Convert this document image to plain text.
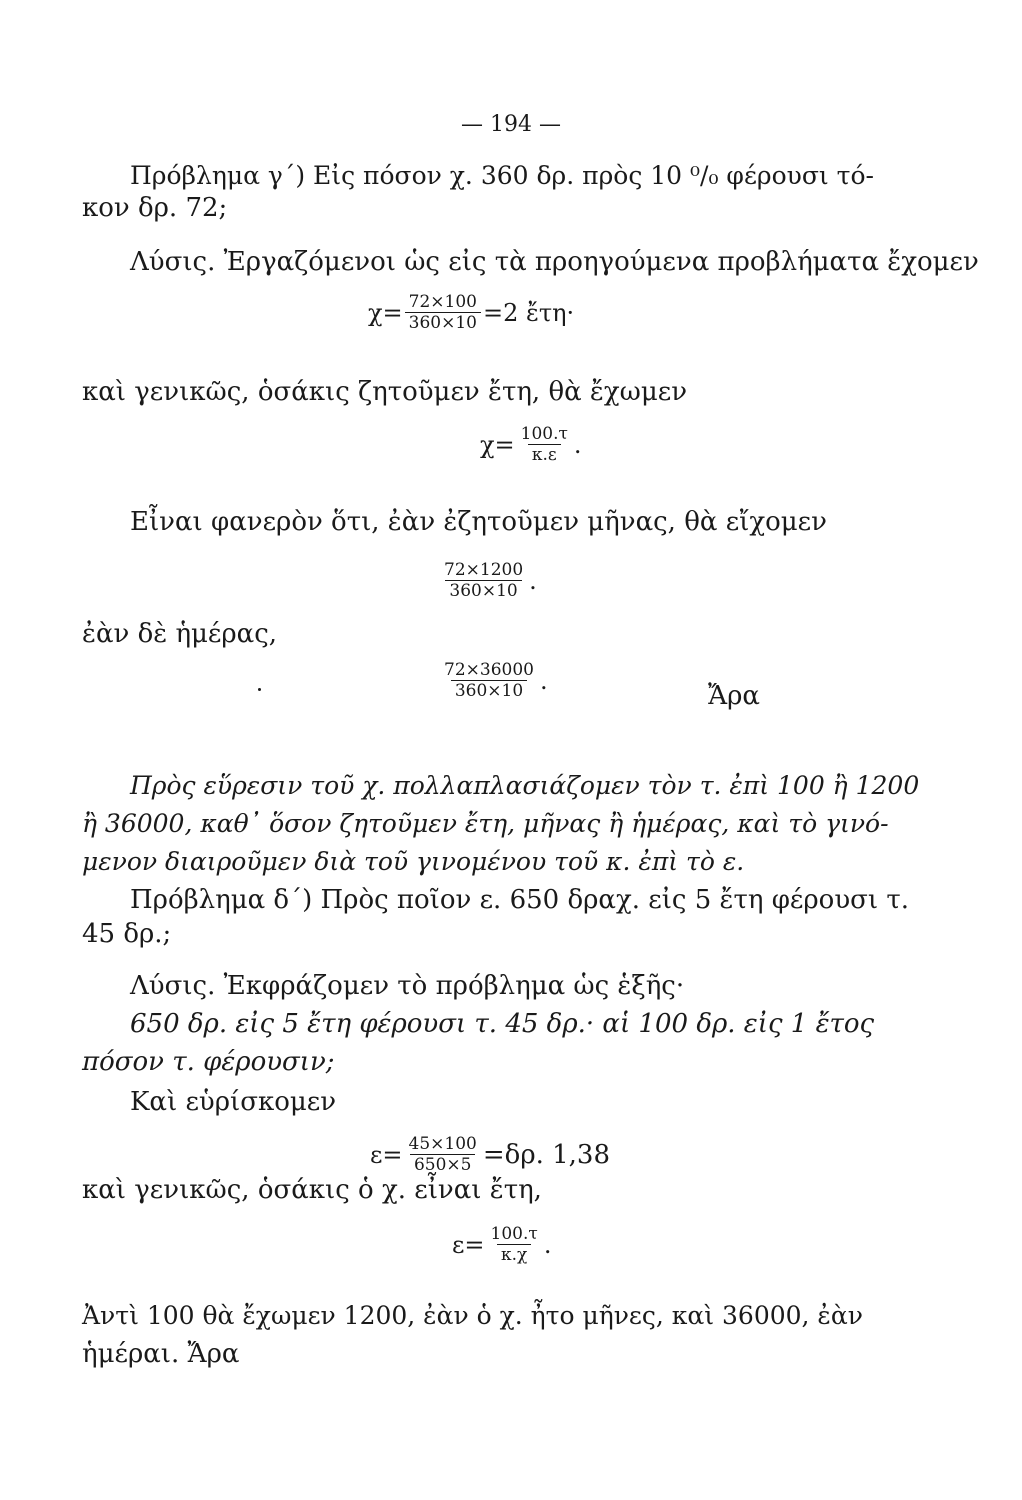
— 194 —
Πρόβλημα γ΄) Εἰς πόσον χ. 360 δρ. πρὸς 10 ⁰/₀ φέρουσι τό-
κον δρ. 72;
Λύσις. Ἐργαζόμενοι ὡς εἰς τὰ προηγούμενα προβλήματα ἔχομεν
$\chi= \frac{72\times 100}{360\times 10} =2$ ἔτη·
καὶ γενικῶς, ὁσάκις ζητοῦμεν ἔτη, θὰ ἔχωμεν
$\chi= \frac{100.\tau}{\kappa.\varepsilon}$ .
Εἶναι φανερὸν ὅτι, ἐὰν ἐζητοῦμεν μῆνας, θὰ εἴχομεν
$\frac{72\times 1200}{360\times 10}$ .
ἐὰν δὲ ἡμέρας,
$\frac{72\times 36000}{360\times 10}$ .
Ἄρα
Πρὸς εὕρεσιν τοῦ χ. πολλαπλασιάζομεν τὸν τ. ἐπὶ 100 ἢ 1200
ἢ 36000, καθ᾽ ὅσον ζητοῦμεν ἔτη, μῆνας ἢ ἡμέρας, καὶ τὸ γινό-
μενον διαιροῦμεν διὰ τοῦ γινομένου τοῦ κ. ἐπὶ τὸ ε.
Πρόβλημα δ΄) Πρὸς ποῖον ε. 650 δραχ. εἰς 5 ἔτη φέρουσι τ.
45 δρ.;
Λύσις. Ἐκφράζομεν τὸ πρόβλημα ὡς ἑξῆς·
650 δρ. εἰς 5 ἔτη φέρουσι τ. 45 δρ.· αἱ 100 δρ. εἰς 1 ἔτος
πόσον τ. φέρουσιν;
Καὶ εὑρίσκομεν
$\varepsilon= \frac{45\times 100}{650\times 5} =\delta\rho$. 1,38
καὶ γενικῶς, ὁσάκις ὁ χ. εἶναι ἔτη,
$\varepsilon= \frac{100.\tau}{\kappa.\chi}$ .
Ἀντὶ 100 θὰ ἔχωμεν 1200, ἐὰν ὁ χ. ἦτο μῆνες, καὶ 36000, ἐὰν
ἡμέραι. Ἄρα
